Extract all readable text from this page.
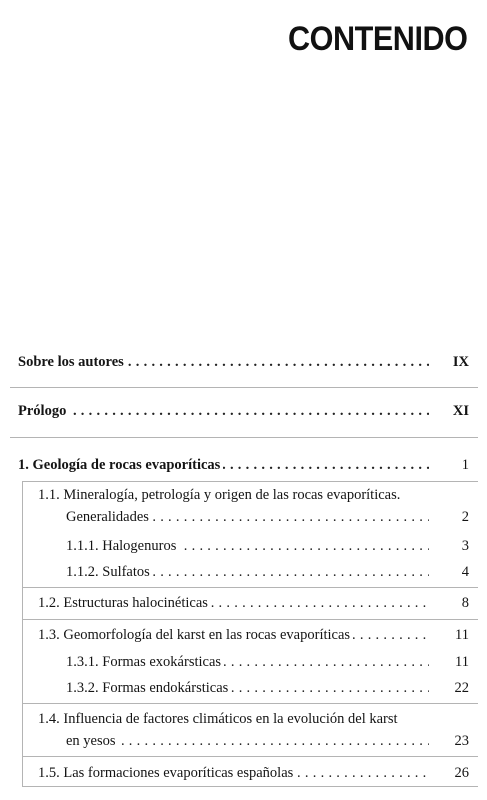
CONTENIDO
Sobre los autores . . .	IX
Prólogo . . .	XI
1. Geología de rocas evaporíticas . . .	1
1.1. Mineralogía, petrología y origen de las rocas evaporíticas.
Generalidades . . .	2
1.1.1. Halogenuros . . .	3
1.1.2. Sulfatos . . .	4
1.2. Estructuras halocinéticas . . .	8
1.3. Geomorfología del karst en las rocas evaporíticas . . .	11
1.3.1. Formas exokársticas . . .	11
1.3.2. Formas endokársticas . . .	22
1.4. Influencia de factores climáticos en la evolución del karst
en yesos . . .	23
1.5. Las formaciones evaporíticas españolas . . .	26
